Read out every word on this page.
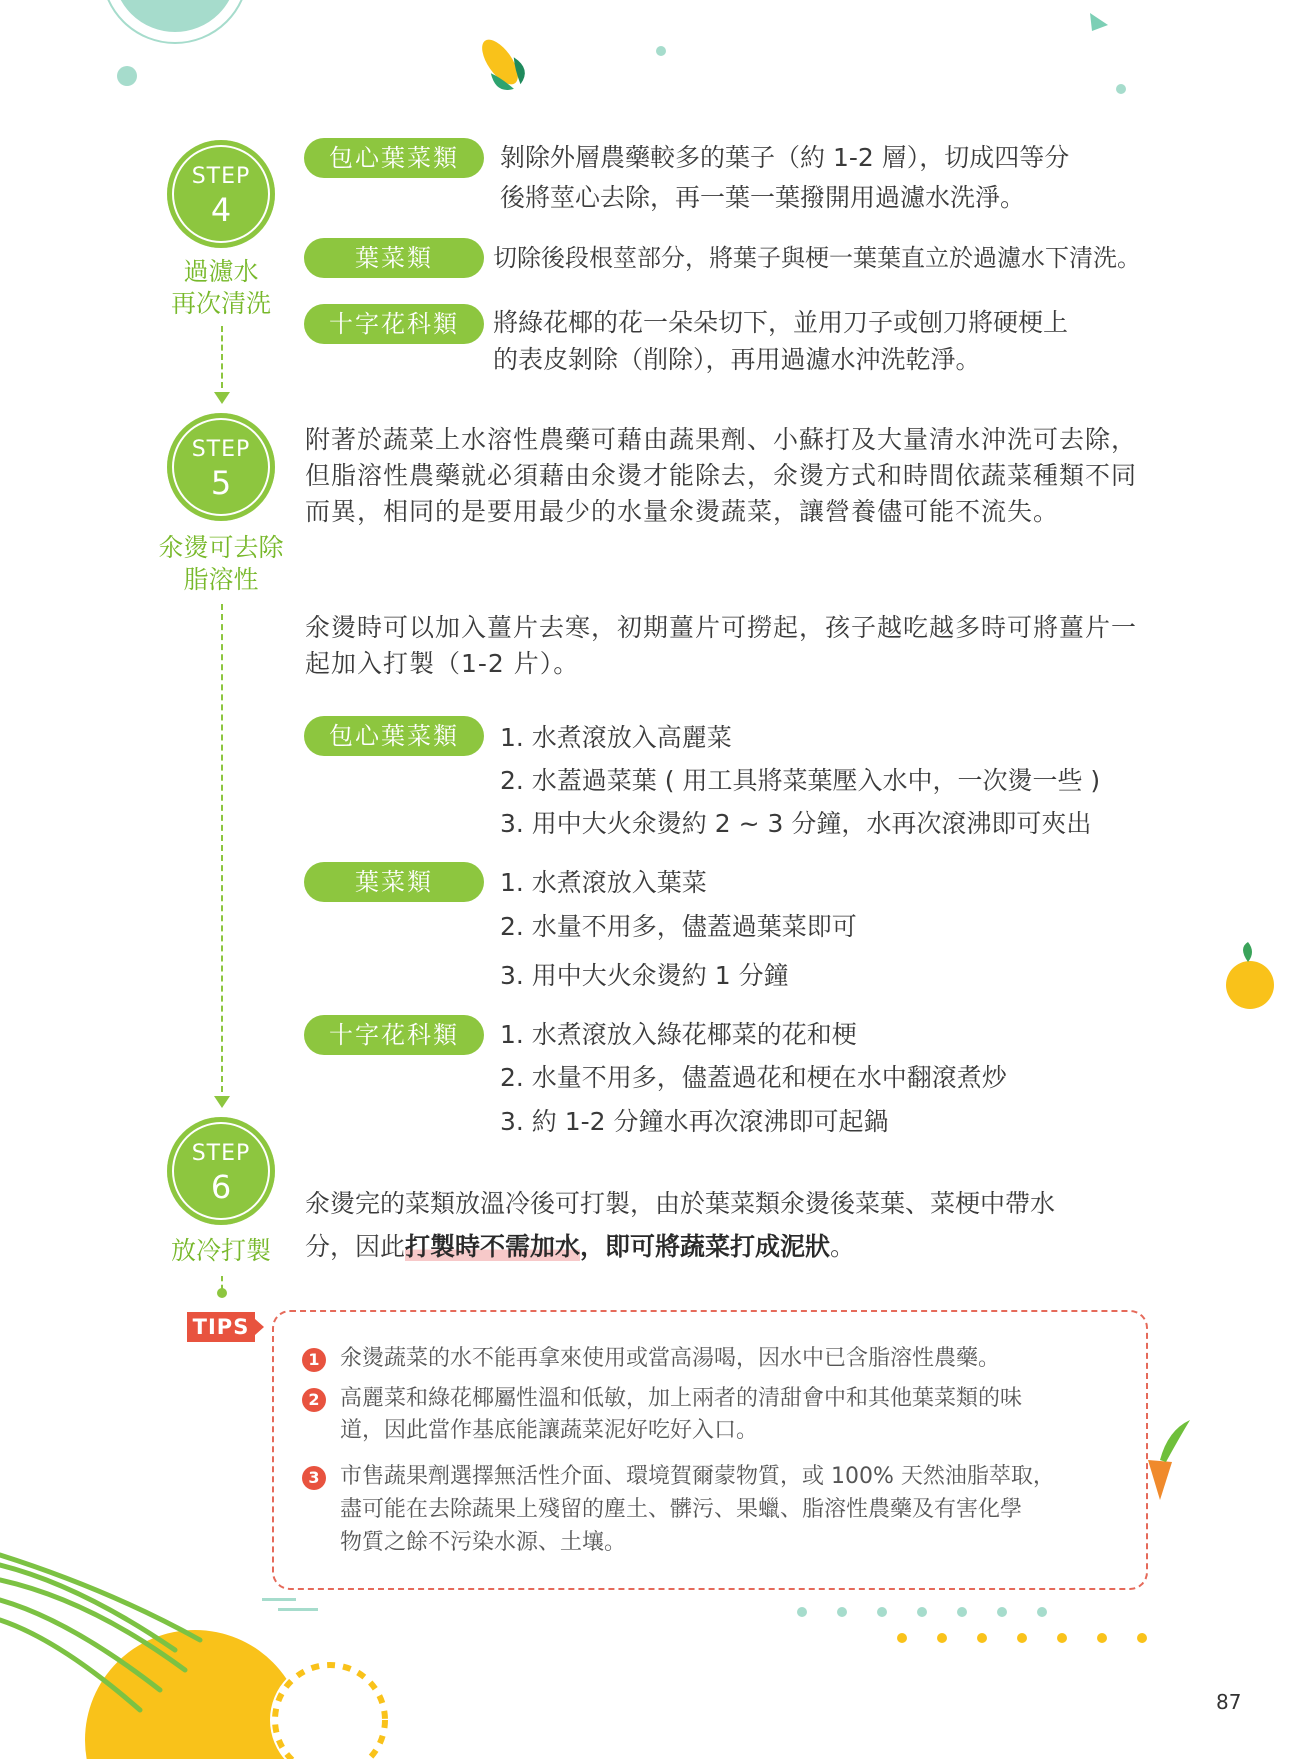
STEP
4
過濾水
再次清洗
包心葉菜類	剝除外層農藥較多的葉子（約 1-2 層），切成四等分
後將莖心去除，再一葉一葉撥開用過濾水洗淨。
葉菜類	切除後段根莖部分，將葉子與梗一葉葉直立於過濾水下清洗。
十字花科類	將綠花椰的花一朵朵切下，並用刀子或刨刀將硬梗上
的表皮剝除（削除），再用過濾水沖洗乾淨。
STEP
5
氽燙可去除
脂溶性
附著於蔬菜上水溶性農藥可藉由蔬果劑、小蘇打及大量清水沖洗可去除，但脂溶性農藥就必須藉由氽燙才能除去，氽燙方式和時間依蔬菜種類不同而異，相同的是要用最少的水量氽燙蔬菜，讓營養儘可能不流失。
氽燙時可以加入薑片去寒，初期薑片可撈起，孩子越吃越多時可將薑片一起加入打製（1-2 片）。
包心葉菜類	1. 水煮滾放入高麗菜
2. 水蓋過菜葉 ( 用工具將菜葉壓入水中，一次燙一些 )
3. 用中大火氽燙約 2 ~ 3 分鐘，水再次滾沸即可夾出
葉菜類	1. 水煮滾放入葉菜
2. 水量不用多，儘蓋過葉菜即可
3. 用中大火氽燙約 1 分鐘
十字花科類	1. 水煮滾放入綠花椰菜的花和梗
2. 水量不用多，儘蓋過花和梗在水中翻滾煮炒
3. 約 1-2 分鐘水再次滾沸即可起鍋
STEP
6
放冷打製
氽燙完的菜類放溫冷後可打製，由於葉菜類氽燙後菜葉、菜梗中帶水
分，因此打製時不需加水，即可將蔬菜打成泥狀。
TIPS
1 氽燙蔬菜的水不能再拿來使用或當高湯喝，因水中已含脂溶性農藥。
2 高麗菜和綠花椰屬性溫和低敏，加上兩者的清甜會中和其他葉菜類的味
道，因此當作基底能讓蔬菜泥好吃好入口。
3 市售蔬果劑選擇無活性介面、環境賀爾蒙物質，或 100% 天然油脂萃取，
盡可能在去除蔬果上殘留的塵土、髒污、果蠟、脂溶性農藥及有害化學
物質之餘不污染水源、土壤。
87
